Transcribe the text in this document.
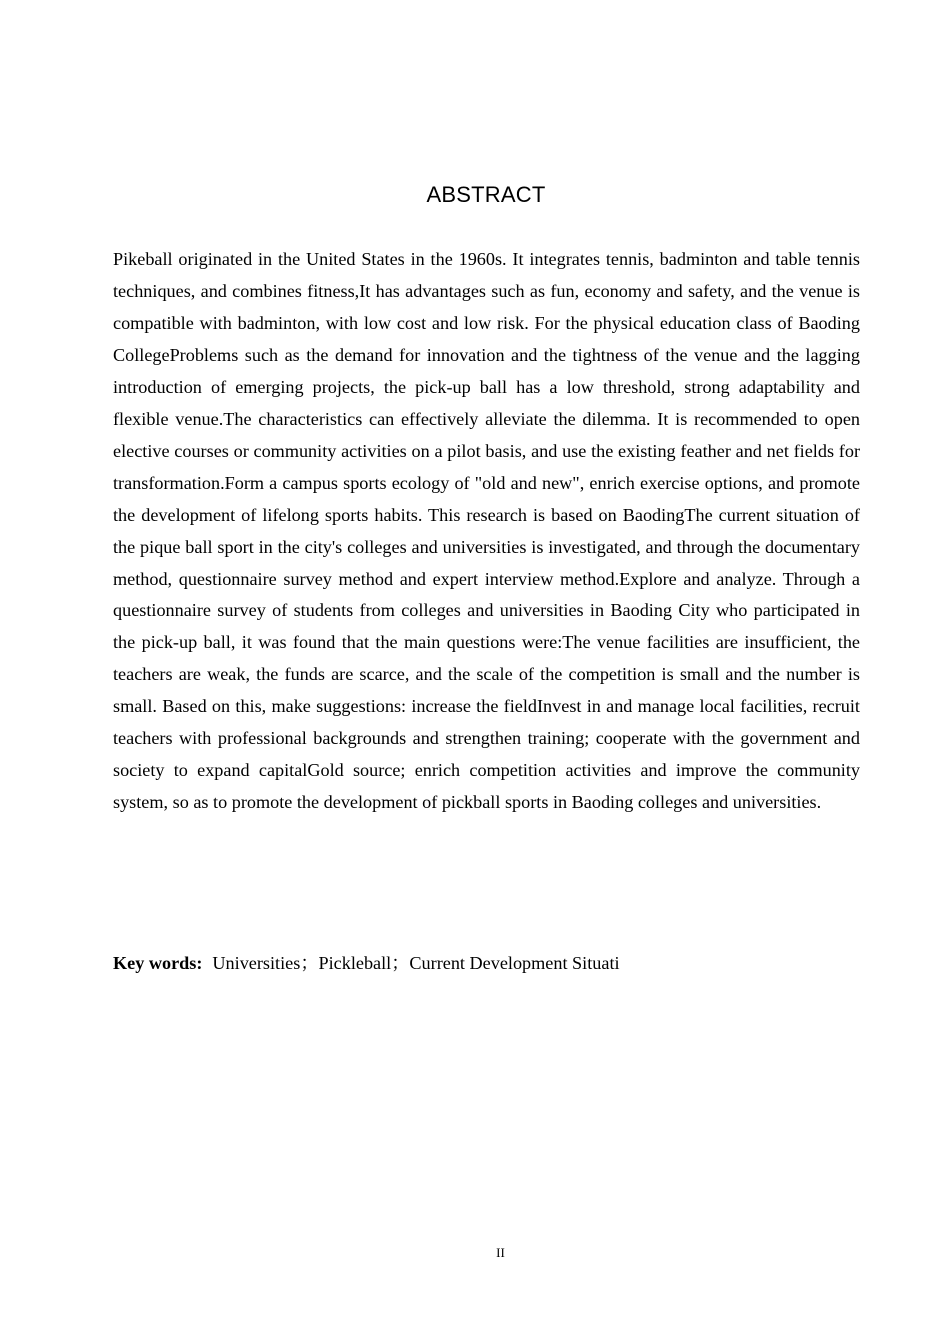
ABSTRACT

Pikeball originated in the United States in the 1960s. It integrates tennis, badminton and table tennis techniques, and combines fitness,It has advantages such as fun, economy and safety, and the venue is compatible with badminton, with low cost and low risk. For the physical education class of Baoding CollegeProblems such as the demand for innovation and the tightness of the venue and the lagging introduction of emerging projects, the pick-up ball has a low threshold, strong adaptability and flexible venue.The characteristics can effectively alleviate the dilemma. It is recommended to open elective courses or community activities on a pilot basis, and use the existing feather and net fields for transformation.Form a campus sports ecology of "old and new", enrich exercise options, and promote the development of lifelong sports habits. This research is based on BaodingThe current situation of the pique ball sport in the city's colleges and universities is investigated, and through the documentary method, questionnaire survey method and expert interview method.Explore and analyze. Through a questionnaire survey of students from colleges and universities in Baoding City who participated in the pick-up ball, it was found that the main questions were:The venue facilities are insufficient, the teachers are weak, the funds are scarce, and the scale of the competition is small and the number is small. Based on this, make suggestions: increase the fieldInvest in and manage local facilities, recruit teachers with professional backgrounds and strengthen training; cooperate with the government and society to expand capitalGold source; enrich competition activities and improve the community system, so as to promote the development of pickball sports in Baoding colleges and universities.

Key words: Universities；Pickleball；Current Development Situati
II
